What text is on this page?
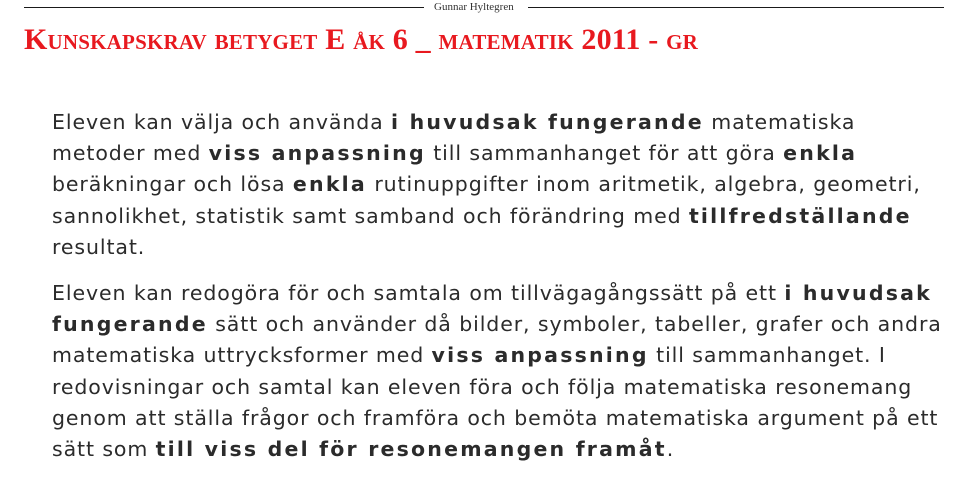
Gunnar Hyltegren
Kunskapskrav betyget E åk 6 _ matematik 2011 - gr

Eleven kan välja och använda i huvudsak fungerande matematiska metoder med viss anpassning till sammanhanget för att göra enkla beräkningar och lösa enkla rutinuppgifter inom aritmetik, algebra, geometri, sannolikhet, statistik samt samband och förändring med tillfredställande resultat.

Eleven kan redogöra för och samtala om tillvägagångssätt på ett i huvudsak fungerande sätt och använder då bilder, symboler, tabeller, grafer och andra matematiska uttrycksformer med viss anpassning till sammanhanget. I redovisningar och samtal kan eleven föra och följa matematiska resonemang genom att ställa frågor och framföra och bemöta matematiska argument på ett sätt som till viss del för resonemangen framåt.
